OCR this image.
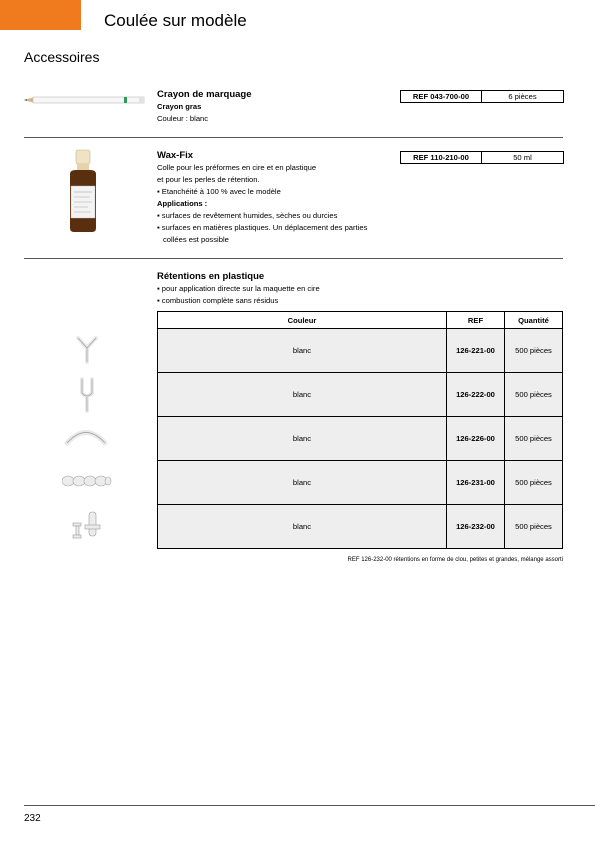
Coulée sur modèle
Accessoires
Crayon de marquage
Crayon gras
Couleur : blanc
REF 043-700-00	6 pièces
Wax-Fix
Colle pour les préformes en cire et en plastique
et pour les perles de rétention.
▪ Etanchéité à 100 % avec le modèle
Applications :
▪ surfaces de revêtement humides, sèches ou durcies
▪ surfaces en matières plastiques. Un déplacement des parties
collées est possible
REF 110-210-00	50 ml
Rétentions en plastique
▪ pour application directe sur la maquette en cire
▪ combustion complète sans résidus
Couleur	REF	Quantité
blanc	126-221-00	500 pièces
blanc	126-222-00	500 pièces
blanc	126-226-00	500 pièces
blanc	126-231-00	500 pièces
blanc	126-232-00	500 pièces
REF 126-232-00 rétentions en forme de clou, petites et grandes, mélange assorti
232
